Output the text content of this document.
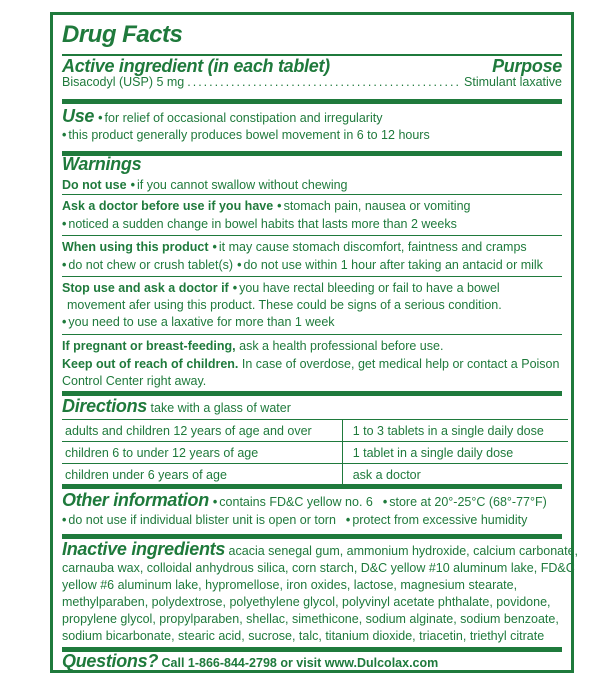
Drug Facts
Active ingredient (in each tablet)	Purpose
Bisacodyl (USP) 5 mg .....	Stimulant laxative
Use • for relief of occasional constipation and irregularity
• this product generally produces bowel movement in 6 to 12 hours
Warnings
Do not use • if you cannot swallow without chewing
Ask a doctor before use if you have • stomach pain, nausea or vomiting
• noticed a sudden change in bowel habits that lasts more than 2 weeks
When using this product • it may cause stomach discomfort, faintness and cramps
• do not chew or crush tablet(s) • do not use within 1 hour after taking an antacid or milk
Stop use and ask a doctor if • you have rectal bleeding or fail to have a bowel
movement afer using this product. These could be signs of a serious condition.
• you need to use a laxative for more than 1 week
If pregnant or breast-feeding, ask a health professional before use.
Keep out of reach of children. In case of overdose, get medical help or contact a Poison
Control Center right away.
Directions take with a glass of water
adults and children 12 years of age and over	1 to 3 tablets in a single daily dose
children 6 to under 12 years of age	1 tablet in a single daily dose
children under 6 years of age	ask a doctor
Other information • contains FD&C yellow no. 6 • store at 20°-25°C (68°-77°F)
• do not use if individual blister unit is open or torn • protect from excessive humidity
Inactive ingredients acacia senegal gum, ammonium hydroxide, calcium carbonate,
carnauba wax, colloidal anhydrous silica, corn starch, D&C yellow #10 aluminum lake, FD&C
yellow #6 aluminum lake, hypromellose, iron oxides, lactose, magnesium stearate,
methylparaben, polydextrose, polyethylene glycol, polyvinyl acetate phthalate, povidone,
propylene glycol, propylparaben, shellac, simethicone, sodium alginate, sodium benzoate,
sodium bicarbonate, stearic acid, sucrose, talc, titanium dioxide, triacetin, triethyl citrate
Questions? Call 1-866-844-2798 or visit www.Dulcolax.com
